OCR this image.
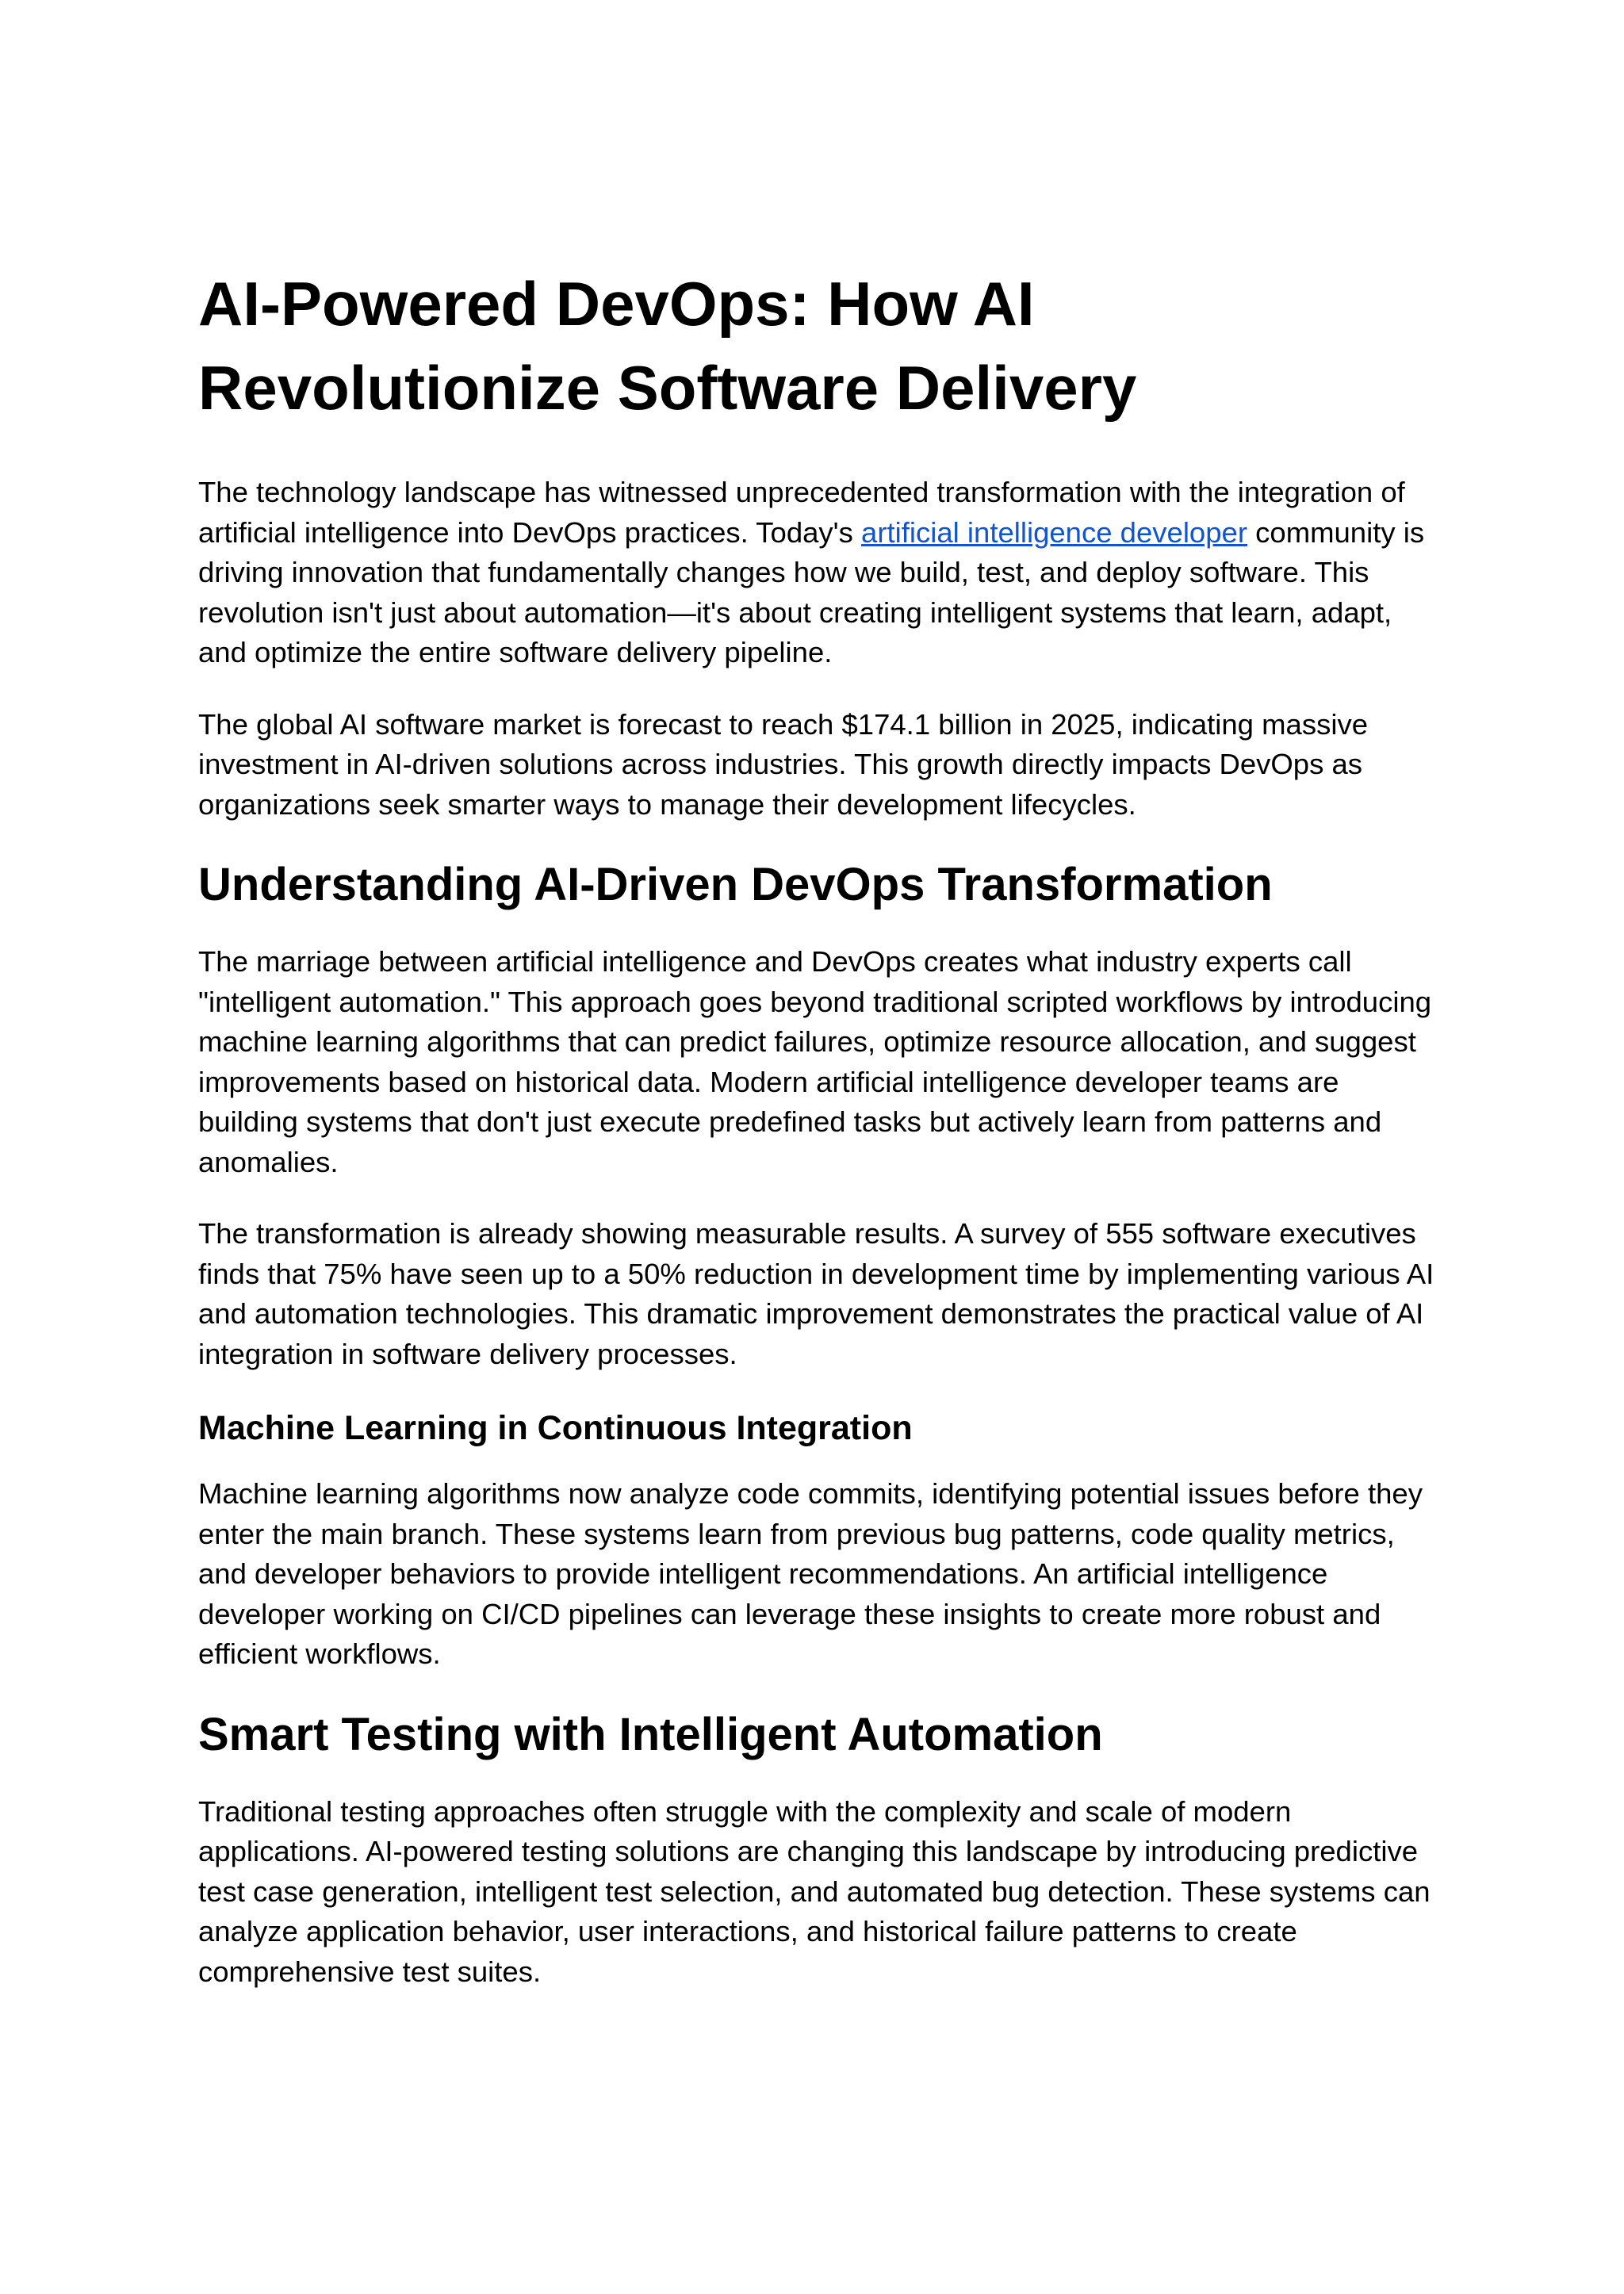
AI-Powered DevOps: How AI Revolutionize Software Delivery

The technology landscape has witnessed unprecedented transformation with the integration of artificial intelligence into DevOps practices. Today's artificial intelligence developer community is driving innovation that fundamentally changes how we build, test, and deploy software. This revolution isn't just about automation—it's about creating intelligent systems that learn, adapt, and optimize the entire software delivery pipeline.

The global AI software market is forecast to reach $174.1 billion in 2025, indicating massive investment in AI-driven solutions across industries. This growth directly impacts DevOps as organizations seek smarter ways to manage their development lifecycles.

Understanding AI-Driven DevOps Transformation

The marriage between artificial intelligence and DevOps creates what industry experts call "intelligent automation." This approach goes beyond traditional scripted workflows by introducing machine learning algorithms that can predict failures, optimize resource allocation, and suggest improvements based on historical data. Modern artificial intelligence developer teams are building systems that don't just execute predefined tasks but actively learn from patterns and anomalies.

The transformation is already showing measurable results. A survey of 555 software executives finds that 75% have seen up to a 50% reduction in development time by implementing various AI and automation technologies. This dramatic improvement demonstrates the practical value of AI integration in software delivery processes.

Machine Learning in Continuous Integration

Machine learning algorithms now analyze code commits, identifying potential issues before they enter the main branch. These systems learn from previous bug patterns, code quality metrics, and developer behaviors to provide intelligent recommendations. An artificial intelligence developer working on CI/CD pipelines can leverage these insights to create more robust and efficient workflows.

Smart Testing with Intelligent Automation

Traditional testing approaches often struggle with the complexity and scale of modern applications. AI-powered testing solutions are changing this landscape by introducing predictive test case generation, intelligent test selection, and automated bug detection. These systems can analyze application behavior, user interactions, and historical failure patterns to create comprehensive test suites.
